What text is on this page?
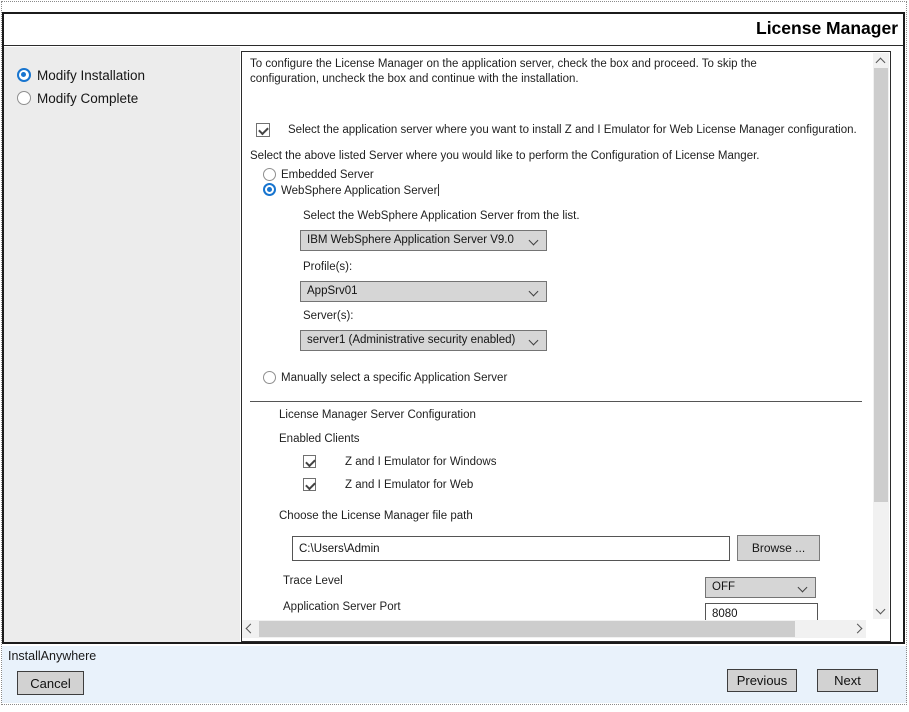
License Manager
Modify Installation
Modify Complete
To configure the License Manager on the application server, check the box and proceed. To skip the configuration, uncheck the box and continue with the installation.
Select the application server where you want to install Z and I Emulator for Web License Manager configuration.
Select the above listed Server where you would like to perform the Configuration of License Manger.
Embedded Server
WebSphere Application Server
Select the WebSphere Application Server from the list.
IBM WebSphere Application Server V9.0
Profile(s):
AppSrv01
Server(s):
server1 (Administrative security enabled)
Manually select a specific Application Server
License Manager Server Configuration
Enabled Clients
Z and I Emulator for Windows
Z and I Emulator for Web
Choose the License Manager file path
C:\Users\Admin
Browse ...
Trace Level	OFF
Application Server Port
8080
InstallAnywhere
Cancel	Previous	Next
